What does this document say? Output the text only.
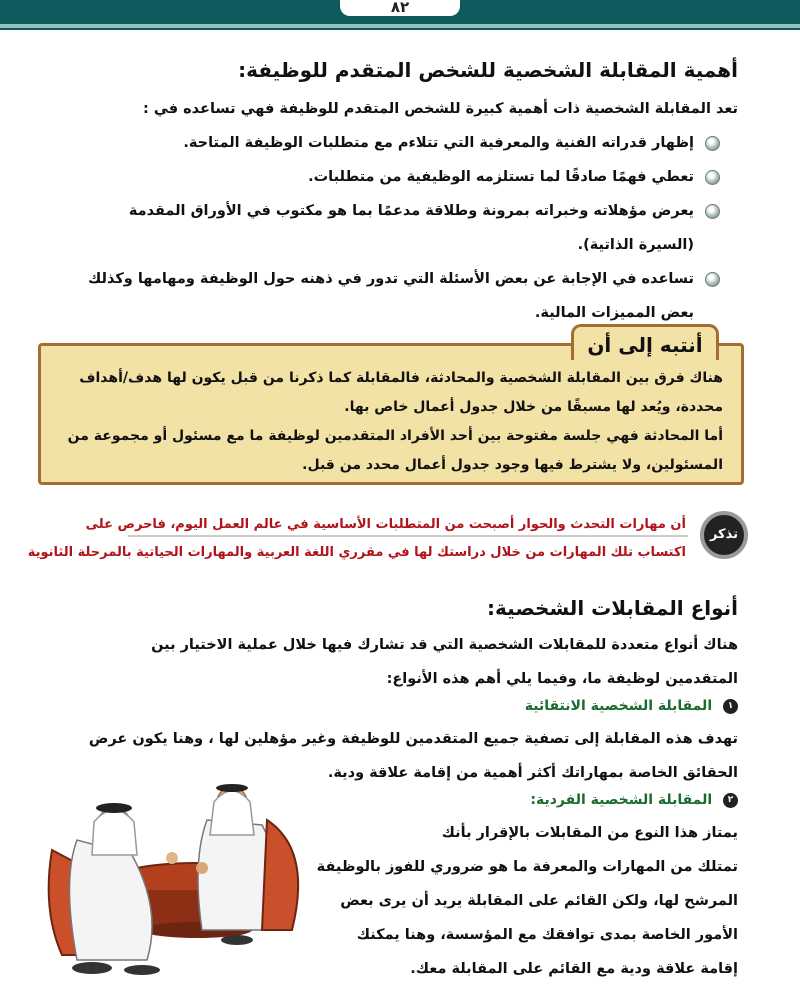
٨٢
أهمية المقابلة الشخصية للشخص المتقدم للوظيفة:
تعد المقابلة الشخصية ذات أهمية كبيرة للشخص المتقدم للوظيفة فهي تساعده في :
إظهار قدراته الفنية والمعرفية التي تتلاءم مع متطلبات الوظيفة المتاحة.
تعطي فهمًا صادقًا لما تستلزمه الوظيفية من متطلبات.
يعرض مؤهلاته وخبراته بمرونة وطلاقة مدعمًا بما هو مكتوب في الأوراق المقدمة (السيرة الذاتية).
تساعده في الإجابة عن بعض الأسئلة التي تدور في ذهنه حول الوظيفة ومهامها وكذلك بعض المميزات المالية.
أنتبه إلى أن
هناك فرق بين المقابلة الشخصية والمحادثة، فالمقابلة كما ذكرنا من قبل يكون لها هدف/أهداف
محددة، ويُعد لها مسبقًا من خلال جدول أعمال خاص بها.
أما المحادثة فهي جلسة مفتوحة بين أحد الأفراد المتقدمين لوظيفة ما مع مسئول أو مجموعة من
المسئولين، ولا يشترط فيها وجود جدول أعمال محدد من قبل.
تذكر
أن مهارات التحدث والحوار أصبحت من المتطلبات الأساسية في عالم العمل اليوم، فاحرص على
اكتساب تلك المهارات من خلال دراستك لها في مقرري اللغة العربية والمهارات الحياتية بالمرحلة الثانوية
أنواع المقابلات الشخصية:
هناك أنواع متعددة للمقابلات الشخصية التي قد تشارك فيها خلال عملية الاختيار بين
المتقدمين لوظيفة ما، وفيما يلي أهم هذه الأنواع:
١ المقابلة الشخصية الانتقائية
تهدف هذه المقابلة إلى تصفية جميع المتقدمين للوظيفة وغير مؤهلين لها ، وهنا يكون عرض
الحقائق الخاصة بمهاراتك أكثر أهمية من إقامة علاقة ودية.
٢ المقابلة الشخصية الفردية:
يمتاز هذا النوع من المقابلات بالإقرار بأنك
تمتلك من المهارات والمعرفة ما هو ضروري للفوز بالوظيفة
المرشح لها، ولكن القائم على المقابلة يريد أن يرى بعض
الأمور الخاصة بمدى توافقك مع المؤسسة، وهنا يمكنك
إقامة علاقة ودية مع القائم على المقابلة معك.
